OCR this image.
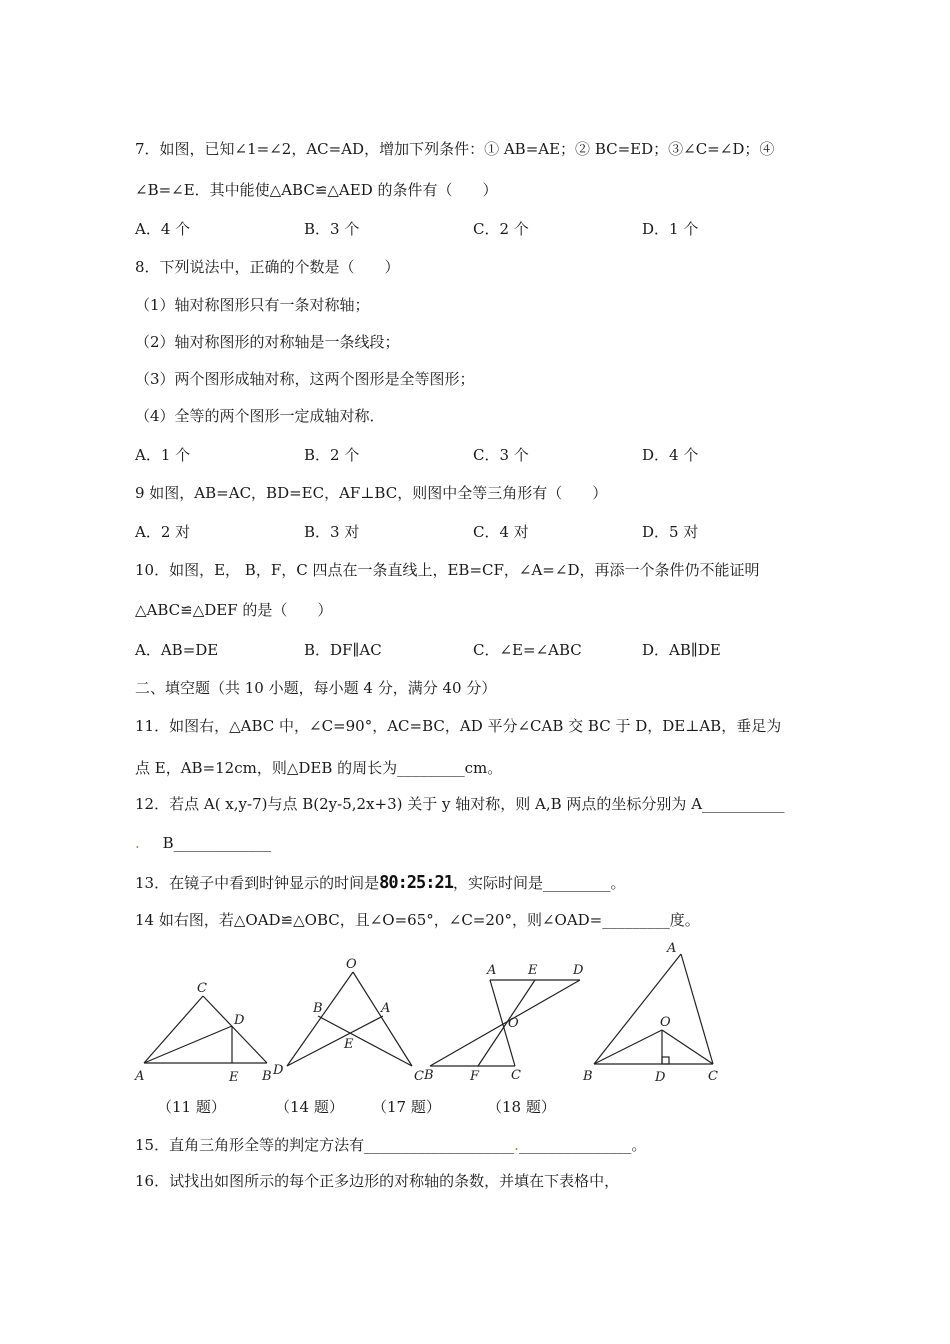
7．如图，已知∠1=∠2，AC=AD，增加下列条件：① AB=AE；② BC=ED；③∠C=∠D；④
∠B=∠E．其中能使△ABC≌△AED 的条件有（　　）
A．4 个	B．3 个	C．2 个	D．1 个
8．下列说法中，正确的个数是（　　）
（1）轴对称图形只有一条对称轴；
（2）轴对称图形的对称轴是一条线段；
（3）两个图形成轴对称，这两个图形是全等图形；
（4）全等的两个图形一定成轴对称．
A．1 个	B．2 个	C．3 个	D．4 个
9 如图，AB=AC，BD=EC，AF⊥BC，则图中全等三角形有（　　）
A．2 对	B．3 对	C．4 对	D．5 对
10．如图，E， B，F，C 四点在一条直线上，EB=CF，∠A=∠D，再添一个条件仍不能证明
△ABC≌△DEF 的是（　　）
A．AB=DE	B．DF∥AC	C．∠E=∠ABC	D．AB∥DE
二、填空题（共 10 小题，每小题 4 分，满分 40 分）
11．如图右，△ABC 中，∠C=90°，AC=BC，AD 平分∠CAB 交 BC 于 D，DE⊥AB，垂足为
点 E，AB=12cm，则△DEB 的周长为_________cm。
12．若点 A( x,y-7)与点 B(2y-5,2x+3) 关于 y 轴对称，则 A,B 两点的坐标分别为 A___________
. B_____________
13．在镜子中看到时钟显示的时间是80:25:21，实际时间是_________。
14 如右图，若△OAD≌△OBC，且∠O=65°，∠C=20°，则∠OAD=_________度。
C
D
A	E B
O
B	A
E
D	C
A E	D
O
B	F C
A
O
B	D	C
（11 题）	（14 题） （17 题）	（18 题）
15．直角三角形全等的判定方法有____________________._______________。
16．试找出如图所示的每个正多边形的对称轴的条数，并填在下表格中，
